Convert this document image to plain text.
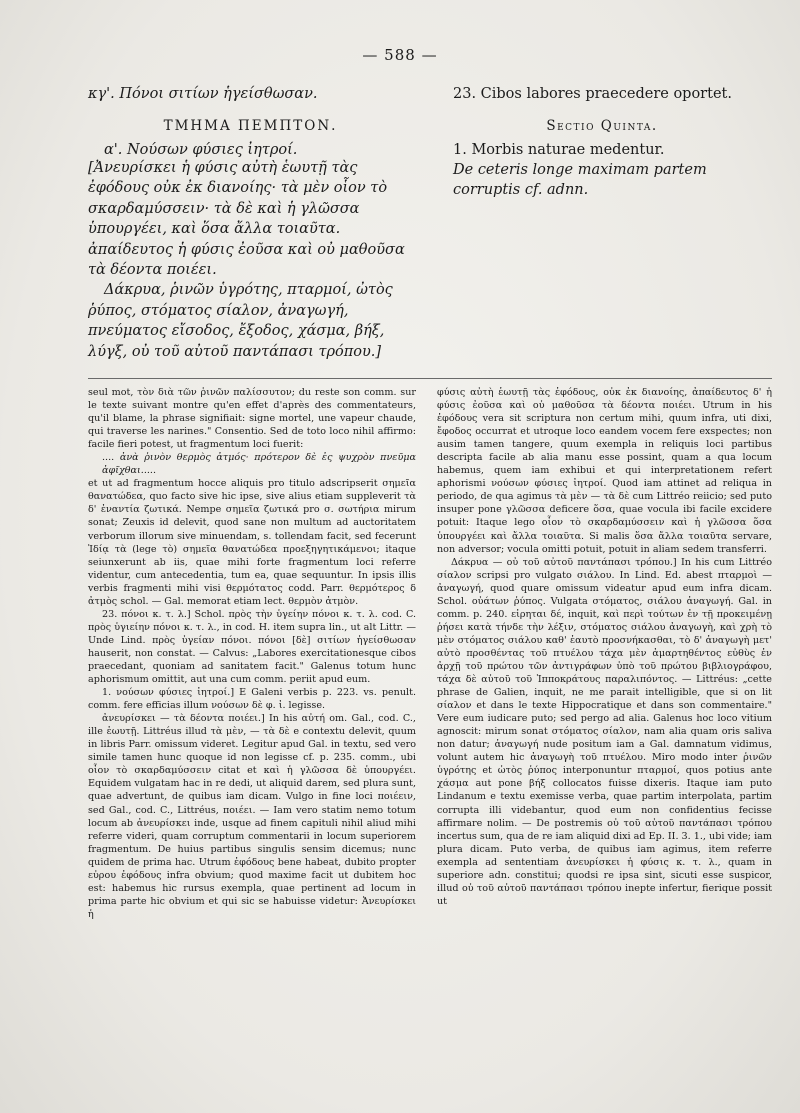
— 588 —
κγ'. Πόνοι σιτίων ἡγείσθωσαν.
ΤΜΗΜΑ ΠΕΜΠΤΟΝ.
α'. Νούσων φύσιες ἰητροί.

[Ἀνευρίσκει ἡ φύσις αὐτὴ ἑωυτῇ τὰς ἐφόδους οὐκ ἐκ διανοίης· τὰ μὲν οἷον τὸ σκαρδαμύσσειν· τὰ δὲ καὶ ἡ γλῶσσα ὑπουργέει, καὶ ὅσα ἄλλα τοιαῦτα. ἀπαίδευτος ἡ φύσις ἐοῦσα καὶ οὐ μαθοῦσα τὰ δέοντα ποιέει.

Δάκρυα, ῥινῶν ὑγρότης, πταρμοί, ὠτὸς ῥύπος, στόματος σίαλον, ἀναγωγή, πνεύματος εἴσοδος, ἔξοδος, χάσμα, βήξ, λύγξ, οὐ τοῦ αὐτοῦ παντάπασι τρόπου.]

23. Cibos labores praecedere oportet.
Sectio Quinta.
1. Morbis naturae medentur.
De ceteris longe maximam partem corruptis cf. adnn.

seul mot, τὸν διὰ τῶν ῥινῶν παλίσσυτον; du reste son comm. sur le texte suivant montre qu'en effet d'après des commentateurs, qu'il blame, la phrase signifiait: signe mortel, une vapeur chaude, qui traverse les narines." Consentio. Sed de toto loco nihil affirmo: facile fieri potest, ut fragmentum loci fuerit:

.... ἀνὰ ῥινὸν θερμὸς ἀτμός· πρότερον δὲ ἐς ψυχρὸν πνεῦμα ἀφῖχθαι.....

et ut ad fragmentum hocce aliquis pro titulo adscripserit σημεῖα θανατώδεα, quo facto sive hic ipse, sive alius etiam suppleverit τὰ δ' ἐναντία ζωτικά. Nempe σημεῖα ζωτικά pro σ. σωτήρια mirum sonat; Zeuxis id delevit, quod sane non multum ad auctoritatem verborum illorum sive minuendam, s. tollendam facit, sed fecerunt Ἰδίᾳ τὰ (lege τὸ) σημεῖα θανατώδεα προεξηγητικάμενοι; itaque seiunxerunt ab iis, quae mihi forte fragmentum loci referre videntur, cum antecedentia, tum ea, quae sequuntur. In ipsis illis verbis fragmenti mihi visi θερμότατος codd. Parr. θερμότερος δ ἀτμὸς schol. — Gal. memorat etiam lect. θερμὸν ἀτμὸν.

23. πόνοι κ. τ. λ.] Schol. πρὸς τὴν ὑγείην πόνοι κ. τ. λ. cod. C. πρὸς ὑγιείην πόνοι κ. τ. λ., in cod. H. item supra lin., ut alt Littr. — Unde Lind. πρὸς ὑγείαν πόνοι. πόνοι [δὲ] σιτίων ἡγείσθωσαν hauserit, non constat. — Calvus: „Labores exercitationesque cibos praecedant, quoniam ad sanitatem facit." Galenus totum hunc aphorismum omittit, aut una cum comm. periit apud eum.

1. νούσων φύσιες ἰητροί.] E Galeni verbis p. 223. vs. penult. comm. fere efficias illum νούσων δὲ φ. ἰ. legisse.

ἀνευρίσκει — τὰ δέοντα ποιέει.] In his αὐτή om. Gal., cod. C., ille ἑωυτῇ. Littréus illud τὰ μὲν, — τὰ δὲ e contextu delevit, quum in libris Parr. omissum videret. Legitur apud Gal. in textu, sed vero simile tamen hunc quoque id non legisse cf. p. 235. comm., ubi οἷον τὸ σκαρδαμύσσειν citat et καὶ ἡ γλῶσσα δὲ ὑπουργέει. Equidem vulgatam hac in re dedi, ut aliquid darem, sed plura sunt, quae advertunt, de quibus iam dicam. Vulgo in fine loci ποιέειν, sed Gal., cod. C., Littréus, ποιέει. — Iam vero statim nemo totum locum ab ἀνευρίσκει inde, usque ad finem capituli nihil aliud mihi referre videri, quam corruptum commentarii in locum superiorem fragmentum. De huius partibus singulis sensim dicemus; nunc quidem de prima hac. Utrum ἐφόδους bene habeat, dubito propter εὐρου ἐφόδους infra obvium; quod maxime facit ut dubitem hoc est: habemus hic rursus exempla, quae pertinent ad locum in prima parte hic obvium et qui sic se habuisse videtur: Ἀνευρίσκει ἡ

φύσις αὐτὴ ἑωυτῇ τὰς ἐφόδους, οὐκ ἐκ διανοίης, ἀπαίδευτος δ' ἡ φύσις ἐοῦσα καὶ οὐ μαθοῦσα τὰ δέοντα ποιέει. Utrum in his ἐφόδους vera sit scriptura non certum mihi, quum infra, uti dixi, ἔφοδος occurrat et utroque loco eandem vocem fere exspectes; non ausim tamen tangere, quum exempla in reliquis loci partibus descripta facile ab alia manu esse possint, quam a qua locum habemus, quem iam exhibui et qui interpretationem refert aphorismi νούσων φύσιες ἰητροί. Quod iam attinet ad reliqua in periodo, de qua agimus τὰ μὲν — τὰ δὲ cum Littréo reiicio; sed puto insuper pone γλῶσσα deficere ὅσα, quae vocula ibi facile excidere potuit: Itaque lego οἷον τὸ σκαρδαμύσσειν καὶ ἡ γλῶσσα ὅσα ὑπουργέει καὶ ἄλλα τοιαῦτα. Si malis ὅσα ἄλλα τοιαῦτα servare, non adversor; vocula omitti potuit, potuit in aliam sedem transferri.

Δάκρυα — οὐ τοῦ αὐτοῦ παντάπασι τρόπου.] In his cum Littréo σίαλον scripsi pro vulgato σιάλου. In Lind. Ed. abest πταρμοὶ — ἀναγωγή, quod quare omissum videatur apud eum infra dicam. Schol. οὐάτων ῥύπος. Vulgata στόματος, σιάλου ἀναγωγή. Gal. in comm. p. 240. εἰρηται δέ, inquit, καὶ περὶ τούτων ἐν τῇ προκειμένῃ ῥήσει κατὰ τήνδε τὴν λέξιν, στόματος σιάλου ἀναγωγὴ, καὶ χρὴ τὸ μὲν στόματος σιάλου καθ' ἑαυτὸ προσνήκασθαι, τὸ δ' ἀναγωγὴ μετ' αὐτὸ προσθέντας τοῦ πτυέλου τάχα μὲν ἁμαρτηθέντος εὐθὺς ἐν ἀρχῇ τοῦ πρώτου τῶν ἀντιγράφων ὑπὸ τοῦ πρώτου βιβλιογράφου, τάχα δὲ αὐτοῦ τοῦ Ἱπποκράτους παραλιπόντος. — Littréus: „cette phrase de Galien, inquit, ne me parait intelligible, que si on lit σίαλον et dans le texte Hippocratique et dans son commentaire." Vere eum iudicare puto; sed pergo ad alia. Galenus hoc loco vitium agnoscit: mirum sonat στόματος σίαλον, nam alia quam oris saliva non datur; ἀναγωγή nude positum iam a Gal. damnatum vidimus, volunt autem hic ἀναγωγὴ τοῦ πτυέλου. Miro modo inter ῥινῶν ὑγρότης et ὠτὸς ῥύπος interponuntur πταρμοί, quos potius ante χάσμα aut pone βήξ collocatos fuisse dixeris. Itaque iam puto Lindanum e textu exemisse verba, quae partim interpolata, partim corrupta illi videbantur, quod eum non confidentius fecisse affirmare nolim. — De postremis οὐ τοῦ αὐτοῦ παντάπασι τρόπου incertus sum, qua de re iam aliquid dixi ad Ep. II. 3. 1., ubi vide; iam plura dicam. Puto verba, de quibus iam agimus, item referre exempla ad sententiam ἀνευρίσκει ἡ φύσις κ. τ. λ., quam in superiore adn. constitui; quodsi re ipsa sint, sicuti esse suspicor, illud οὐ τοῦ αὐτοῦ παντάπασι τρόπου inepte infertur, fierique possit ut
